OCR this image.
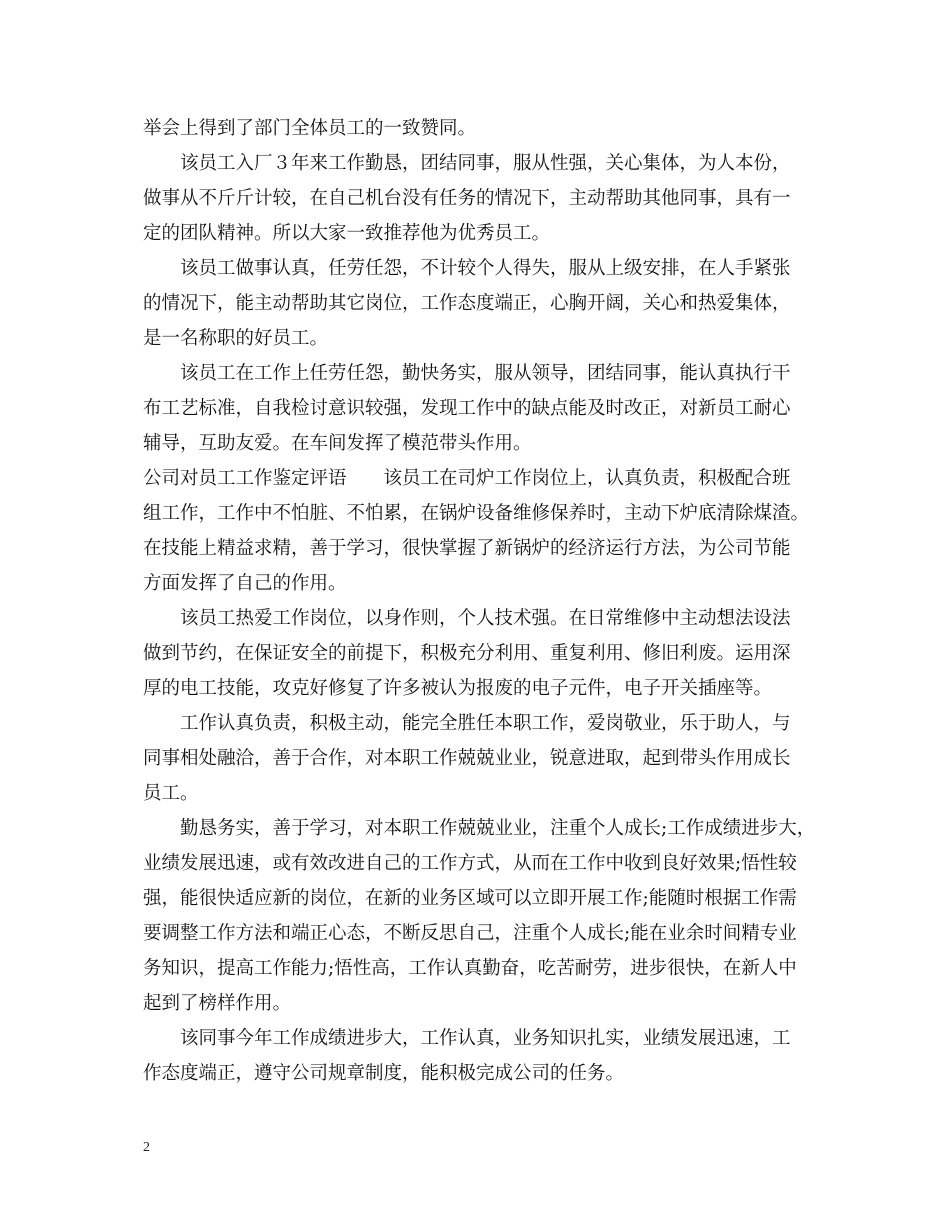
举会上得到了部门全体员工的一致赞同。
该员工入厂３年来工作勤恳，团结同事，服从性强，关心集体，为人本份，
做事从不斤斤计较，在自己机台没有任务的情况下，主动帮助其他同事，具有一
定的团队精神。所以大家一致推荐他为优秀员工。
该员工做事认真，任劳任怨，不计较个人得失，服从上级安排，在人手紧张
的情况下，能主动帮助其它岗位，工作态度端正，心胸开阔，关心和热爱集体，
是一名称职的好员工。
该员工在工作上任劳任怨，勤快务实，服从领导，团结同事，能认真执行干
布工艺标准，自我检讨意识较强，发现工作中的缺点能及时改正，对新员工耐心
辅导，互助友爱。在车间发挥了模范带头作用。
公司对员工工作鉴定评语　　该员工在司炉工作岗位上，认真负责，积极配合班
组工作，工作中不怕脏、不怕累，在锅炉设备维修保养时，主动下炉底清除煤渣。
在技能上精益求精，善于学习，很快掌握了新锅炉的经济运行方法，为公司节能
方面发挥了自己的作用。
该员工热爱工作岗位，以身作则，个人技术强。在日常维修中主动想法设法
做到节约，在保证安全的前提下，积极充分利用、重复利用、修旧利废。运用深
厚的电工技能，攻克好修复了许多被认为报废的电子元件，电子开关插座等。
工作认真负责，积极主动，能完全胜任本职工作，爱岗敬业，乐于助人，与
同事相处融洽，善于合作，对本职工作兢兢业业，锐意进取，起到带头作用成长
员工。
勤恳务实，善于学习，对本职工作兢兢业业，注重个人成长;工作成绩进步大，
业绩发展迅速，或有效改进自己的工作方式，从而在工作中收到良好效果;悟性较
强，能很快适应新的岗位，在新的业务区域可以立即开展工作;能随时根据工作需
要调整工作方法和端正心态，不断反思自己，注重个人成长;能在业余时间精专业
务知识，提高工作能力;悟性高，工作认真勤奋，吃苦耐劳，进步很快，在新人中
起到了榜样作用。
该同事今年工作成绩进步大，工作认真，业务知识扎实，业绩发展迅速，工
作态度端正，遵守公司规章制度，能积极完成公司的任务。
2
